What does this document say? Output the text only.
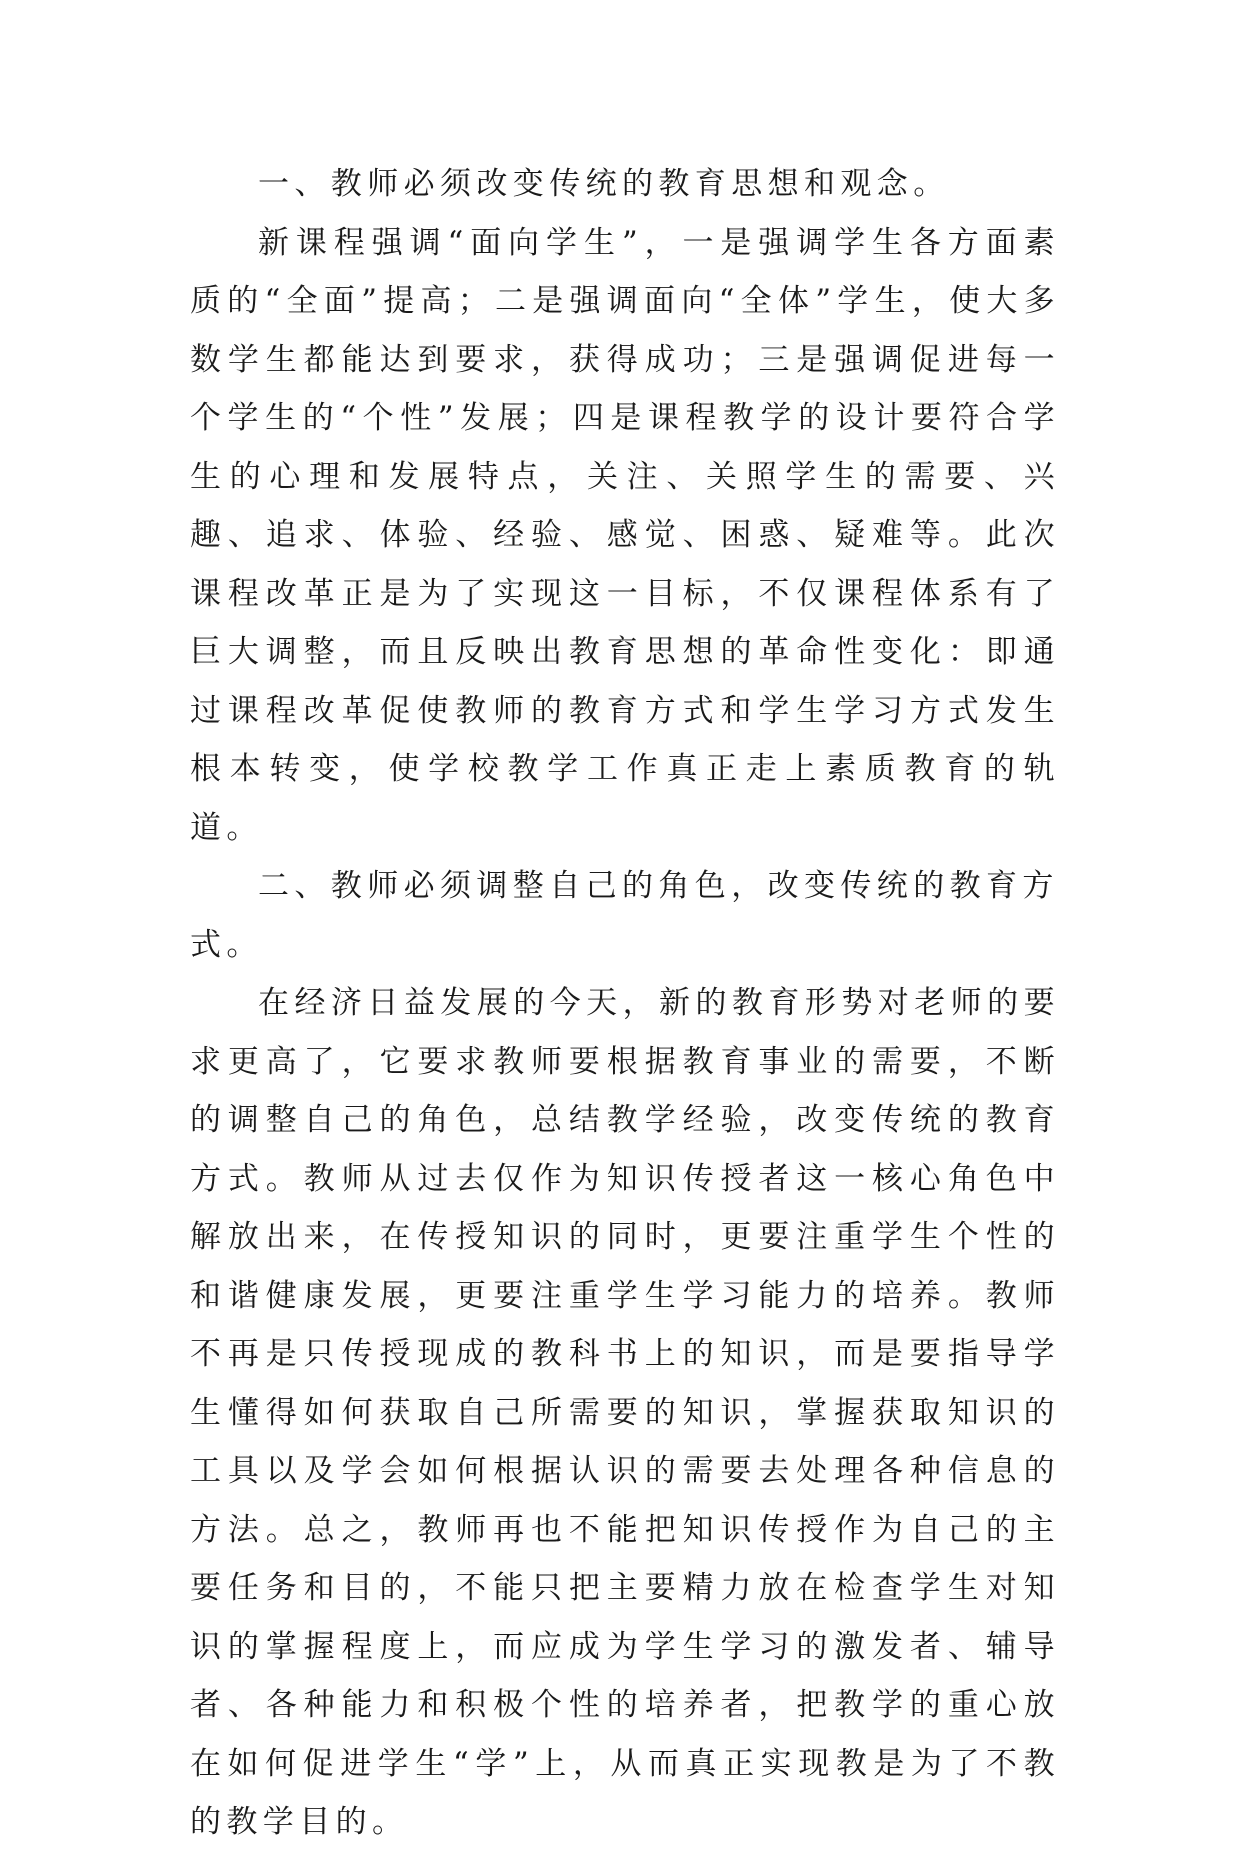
一、教师必须改变传统的教育思想和观念。

新课程强调“面向学生”，一是强调学生各方面素质的“全面”提高；二是强调面向“全体”学生，使大多数学生都能达到要求，获得成功；三是强调促进每一个学生的“个性”发展；四是课程教学的设计要符合学生的心理和发展特点，关注、关照学生的需要、兴趣、追求、体验、经验、感觉、困惑、疑难等。此次课程改革正是为了实现这一目标，不仅课程体系有了巨大调整，而且反映出教育思想的革命性变化：即通过课程改革促使教师的教育方式和学生学习方式发生根本转变，使学校教学工作真正走上素质教育的轨道。

二、教师必须调整自己的角色，改变传统的教育方式。

在经济日益发展的今天，新的教育形势对老师的要求更高了，它要求教师要根据教育事业的需要，不断的调整自己的角色，总结教学经验，改变传统的教育方式。教师从过去仅作为知识传授者这一核心角色中解放出来，在传授知识的同时，更要注重学生个性的和谐健康发展，更要注重学生学习能力的培养。教师不再是只传授现成的教科书上的知识，而是要指导学生懂得如何获取自己所需要的知识，掌握获取知识的工具以及学会如何根据认识的需要去处理各种信息的方法。总之，教师再也不能把知识传授作为自己的主要任务和目的，不能只把主要精力放在检查学生对知识的掌握程度上，而应成为学生学习的激发者、辅导者、各种能力和积极个性的培养者，把教学的重心放在如何促进学生“学”上，从而真正实现教是为了不教的教学目的。
